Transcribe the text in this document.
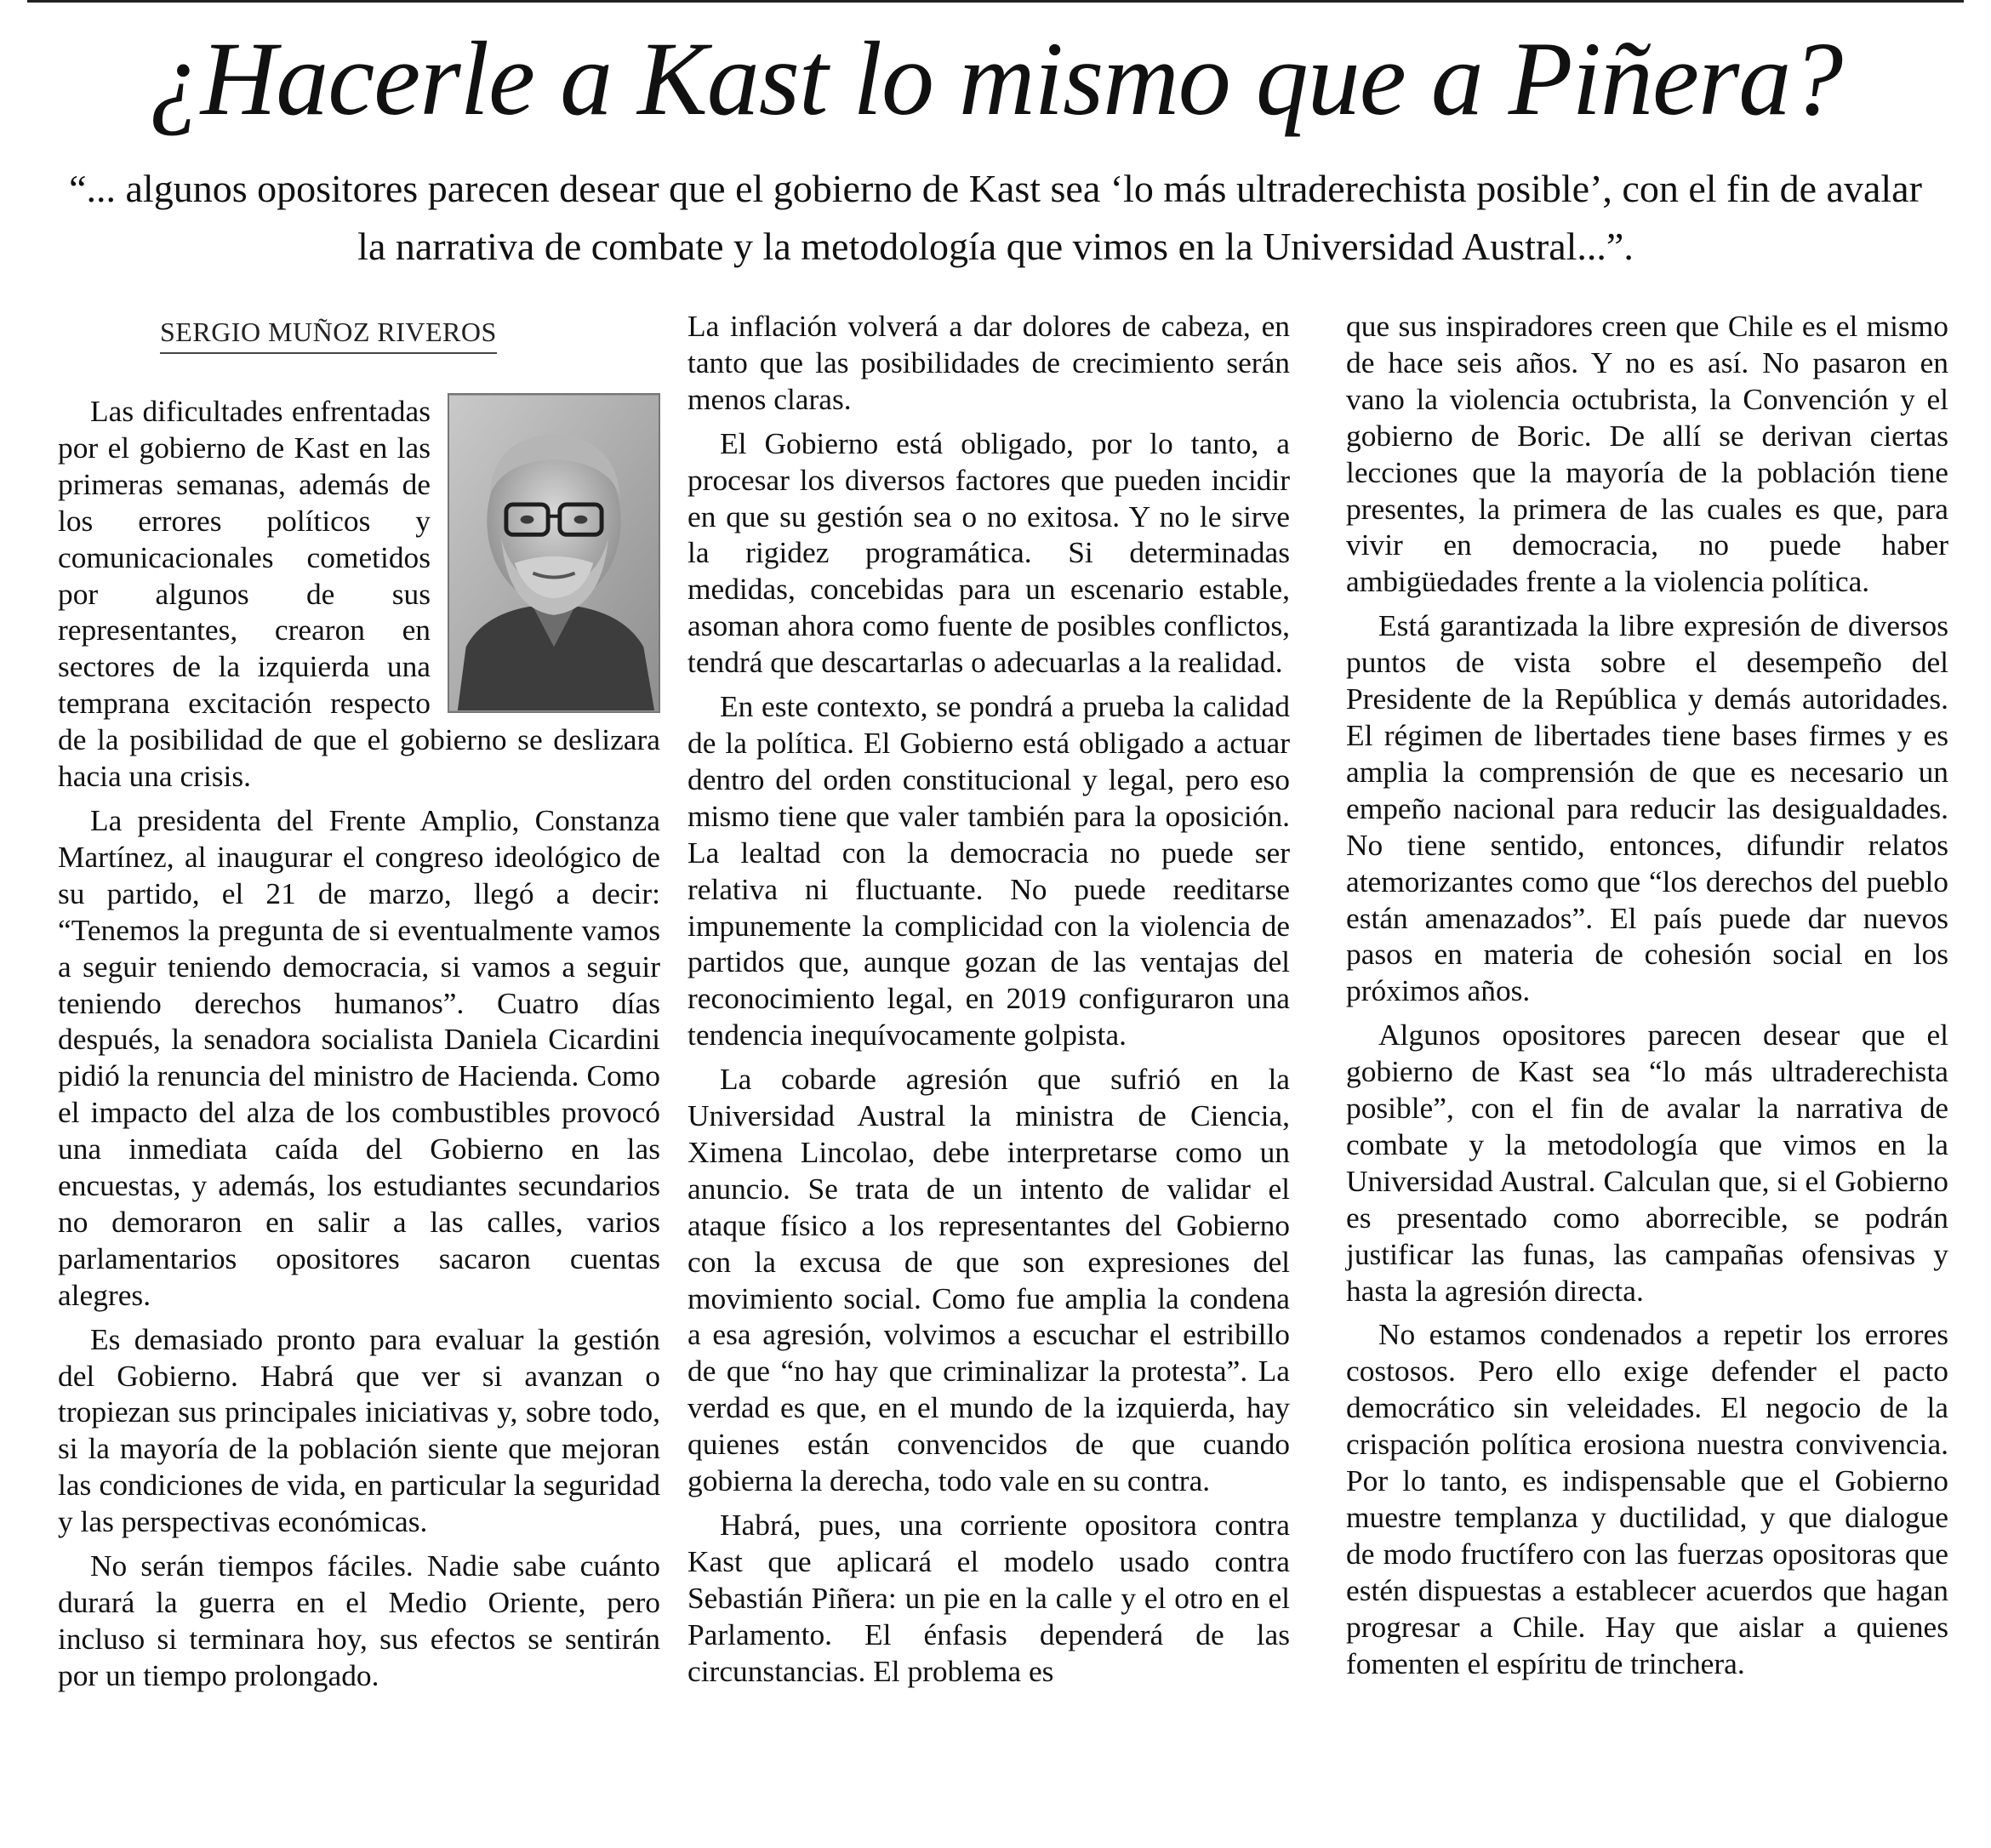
¿Hacerle a Kast lo mismo que a Piñera?

“... algunos opositores parecen desear que el gobierno de Kast sea ‘lo más ultraderechista posible’, con el fin de avalar la narrativa de combate y la metodología que vimos en la Universidad Austral...”.

SERGIO MUÑOZ RIVEROS

Las dificultades enfrentadas por el gobierno de Kast en las primeras semanas, además de los errores políticos y comunicacionales cometidos por algunos de sus representantes, crearon en sectores de la izquierda una temprana excitación respecto de la posibilidad de que el gobierno se deslizara hacia una crisis.

La presidenta del Frente Amplio, Constanza Martínez, al inaugurar el congreso ideológico de su partido, el 21 de marzo, llegó a decir: “Tenemos la pregunta de si eventualmente vamos a seguir teniendo democracia, si vamos a seguir teniendo derechos humanos”. Cuatro días después, la senadora socialista Daniela Cicardini pidió la renuncia del ministro de Hacienda. Como el impacto del alza de los combustibles provocó una inmediata caída del Gobierno en las encuestas, y además, los estudiantes secundarios no demoraron en salir a las calles, varios parlamentarios opositores sacaron cuentas alegres.

Es demasiado pronto para evaluar la gestión del Gobierno. Habrá que ver si avanzan o tropiezan sus principales iniciativas y, sobre todo, si la mayoría de la población siente que mejoran las condiciones de vida, en particular la seguridad y las perspectivas económicas.

No serán tiempos fáciles. Nadie sabe cuánto durará la guerra en el Medio Oriente, pero incluso si terminara hoy, sus efectos se sentirán por un tiempo prolongado.

La inflación volverá a dar dolores de cabeza, en tanto que las posibilidades de crecimiento serán menos claras.

El Gobierno está obligado, por lo tanto, a procesar los diversos factores que pueden incidir en que su gestión sea o no exitosa. Y no le sirve la rigidez programática. Si determinadas medidas, concebidas para un escenario estable, asoman ahora como fuente de posibles conflictos, tendrá que descartarlas o adecuarlas a la realidad.

En este contexto, se pondrá a prueba la calidad de la política. El Gobierno está obligado a actuar dentro del orden constitucional y legal, pero eso mismo tiene que valer también para la oposición. La lealtad con la democracia no puede ser relativa ni fluctuante. No puede reeditarse impunemente la complicidad con la violencia de partidos que, aunque gozan de las ventajas del reconocimiento legal, en 2019 configuraron una tendencia inequívocamente golpista.

La cobarde agresión que sufrió en la Universidad Austral la ministra de Ciencia, Ximena Lincolao, debe interpretarse como un anuncio. Se trata de un intento de validar el ataque físico a los representantes del Gobierno con la excusa de que son expresiones del movimiento social. Como fue amplia la condena a esa agresión, volvimos a escuchar el estribillo de que “no hay que criminalizar la protesta”. La verdad es que, en el mundo de la izquierda, hay quienes están convencidos de que cuando gobierna la derecha, todo vale en su contra.

Habrá, pues, una corriente opositora contra Kast que aplicará el modelo usado contra Sebastián Piñera: un pie en la calle y el otro en el Parlamento. El énfasis dependerá de las circunstancias. El problema es

que sus inspiradores creen que Chile es el mismo de hace seis años. Y no es así. No pasaron en vano la violencia octubrista, la Convención y el gobierno de Boric. De allí se derivan ciertas lecciones que la mayoría de la población tiene presentes, la primera de las cuales es que, para vivir en democracia, no puede haber ambigüedades frente a la violencia política.

Está garantizada la libre expresión de diversos puntos de vista sobre el desempeño del Presidente de la República y demás autoridades. El régimen de libertades tiene bases firmes y es amplia la comprensión de que es necesario un empeño nacional para reducir las desigualdades. No tiene sentido, entonces, difundir relatos atemorizantes como que “los derechos del pueblo están amenazados”. El país puede dar nuevos pasos en materia de cohesión social en los próximos años.

Algunos opositores parecen desear que el gobierno de Kast sea “lo más ultraderechista posible”, con el fin de avalar la narrativa de combate y la metodología que vimos en la Universidad Austral. Calculan que, si el Gobierno es presentado como aborrecible, se podrán justificar las funas, las campañas ofensivas y hasta la agresión directa.

No estamos condenados a repetir los errores costosos. Pero ello exige defender el pacto democrático sin veleidades. El negocio de la crispación política erosiona nuestra convivencia. Por lo tanto, es indispensable que el Gobierno muestre templanza y ductilidad, y que dialogue de modo fructífero con las fuerzas opositoras que estén dispuestas a establecer acuerdos que hagan progresar a Chile. Hay que aislar a quienes fomenten el espíritu de trinchera.
